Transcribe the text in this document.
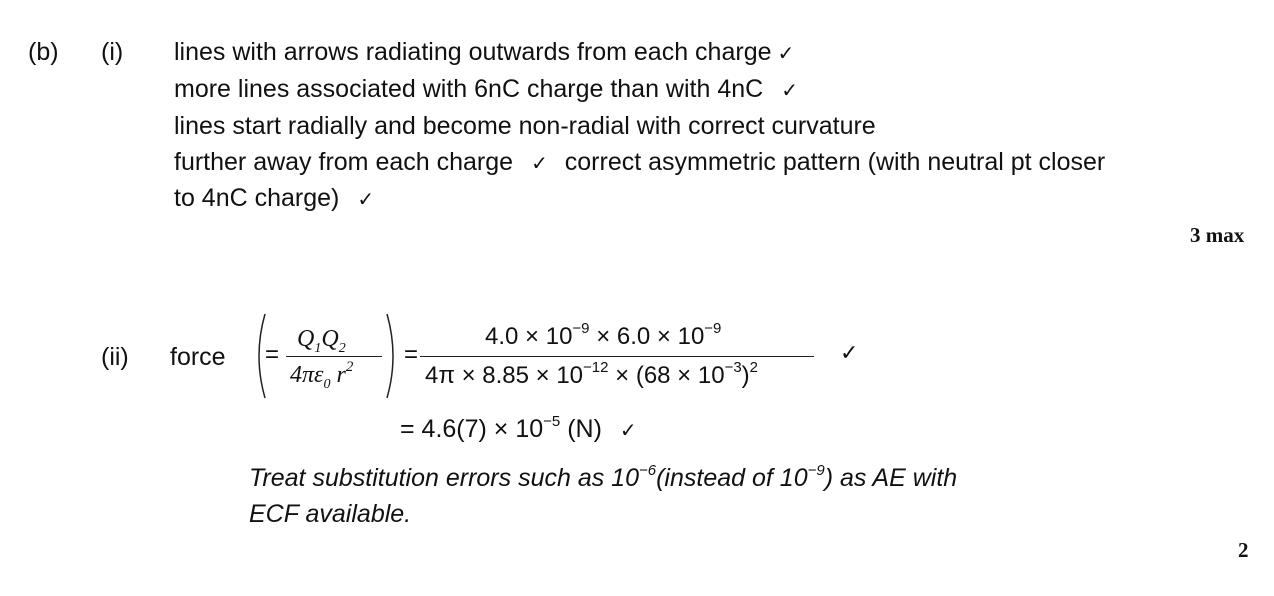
(b) (i) lines with arrows radiating outwards from each charge ✓
more lines associated with 6nC charge than with 4nC ✓
lines start radially and become non-radial with correct curvature
further away from each charge ✓ correct asymmetric pattern (with neutral pt closer
to 4nC charge) ✓
3 max
(ii) force =
$Q_1Q_2$
$4\pi\varepsilon_0$ $r^2$ =
$4.0 \times 10^{-9} \times 6.0 \times 10^{-9}$
$4\pi \times 8.85 \times 10^{-12} \times (68 \times 10^{-3})^2$
✓
= $4.6(7) \times 10^{-5}$ (N) ✓
Treat substitution errors such as $10^{-6}(instead$ of $10^{-9}$) as AE with
ECF available.
2
